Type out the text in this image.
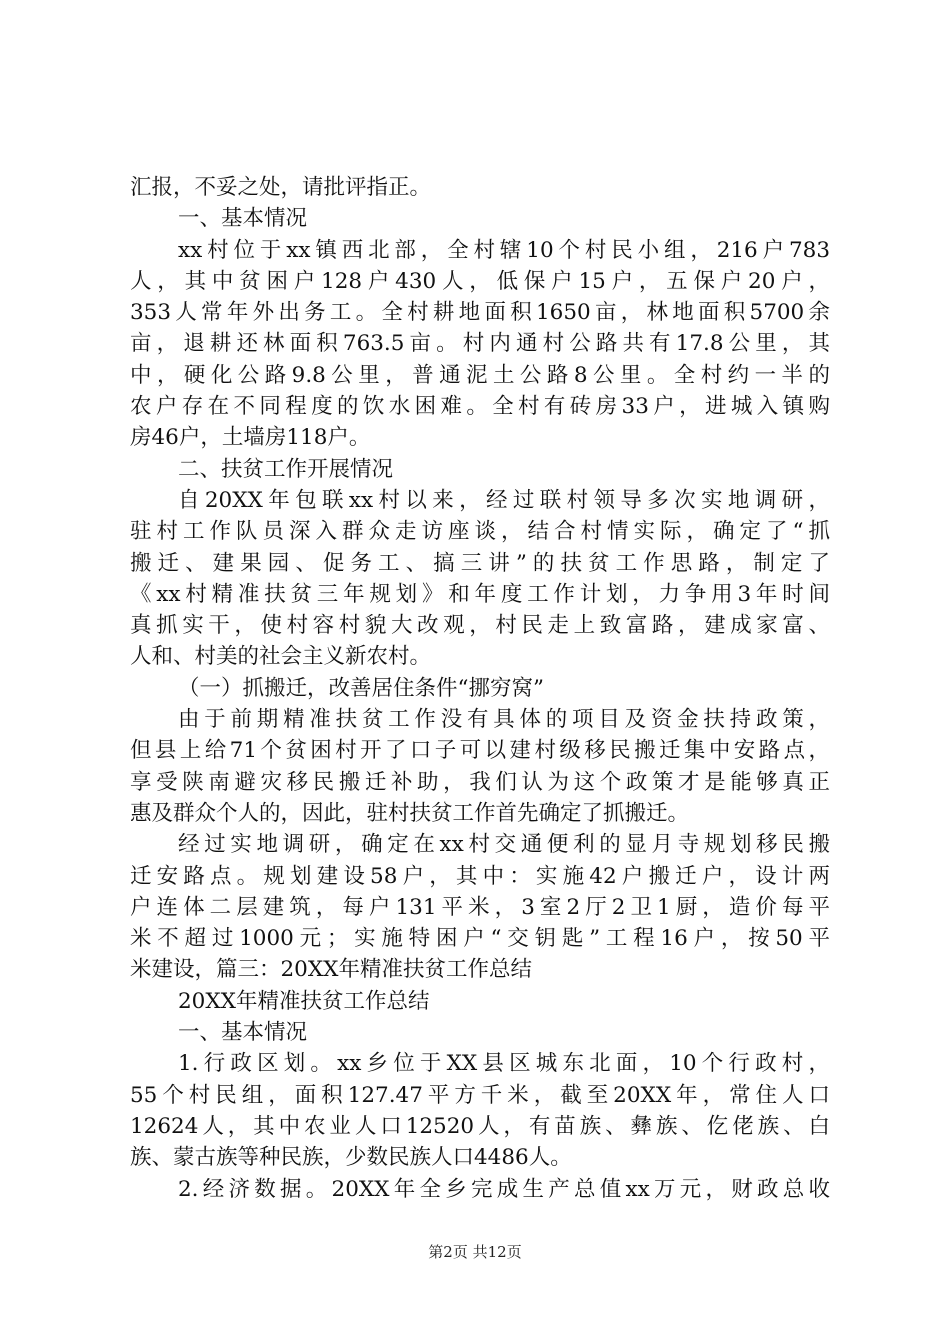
汇报，不妥之处，请批评指正。
一、基本情况
xx村位于xx镇西北部，全村辖10个村民小组，216户783
人，其中贫困户128户430人，低保户15户，五保户20户，
353人常年外出务工。全村耕地面积1650亩，林地面积5700余
亩，退耕还林面积763.5亩。村内通村公路共有17.8公里，其
中，硬化公路9.8公里，普通泥土公路8公里。全村约一半的
农户存在不同程度的饮水困难。全村有砖房33户，进城入镇购
房46户，土墙房118户。
二、扶贫工作开展情况
自20XX年包联xx村以来，经过联村领导多次实地调研，
驻村工作队员深入群众走访座谈，结合村情实际，确定了“抓
搬迁、建果园、促务工、搞三讲”的扶贫工作思路，制定了
《xx村精准扶贫三年规划》和年度工作计划，力争用3年时间
真抓实干，使村容村貌大改观，村民走上致富路，建成家富、
人和、村美的社会主义新农村。
（一）抓搬迁，改善居住条件“挪穷窝”
由于前期精准扶贫工作没有具体的项目及资金扶持政策，
但县上给71个贫困村开了口子可以建村级移民搬迁集中安路点，
享受陕南避灾移民搬迁补助，我们认为这个政策才是能够真正
惠及群众个人的，因此，驻村扶贫工作首先确定了抓搬迁。
经过实地调研，确定在xx村交通便利的显月寺规划移民搬
迁安路点。规划建设58户，其中：实施42户搬迁户，设计两
户连体二层建筑，每户131平米，3室2厅2卫1厨，造价每平
米不超过1000元；实施特困户“交钥匙”工程16户，按50平
米建设，篇三：20XX年精准扶贫工作总结
20XX年精准扶贫工作总结
一、基本情况
1.行政区划。xx乡位于XX县区城东北面，10个行政村，
55个村民组，面积127.47平方千米，截至20XX年，常住人口
12624人，其中农业人口12520人，有苗族、彝族、仡佬族、白
族、蒙古族等种民族，少数民族人口4486人。
2.经济数据。20XX年全乡完成生产总值xx万元，财政总收
第2页 共12页
